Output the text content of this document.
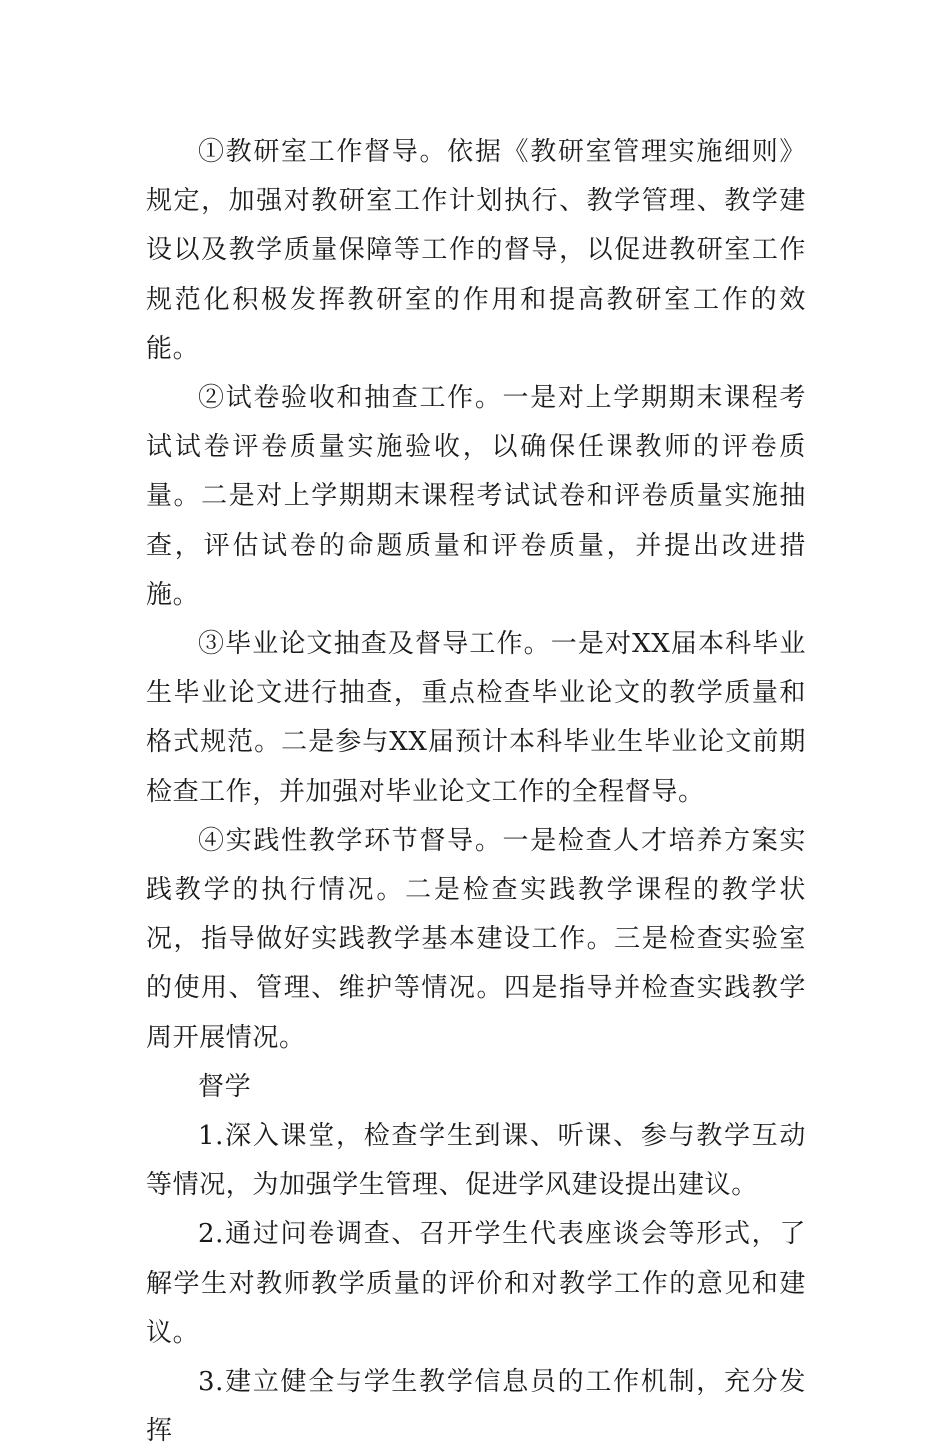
①教研室工作督导。依据《教研室管理实施细则》规定，加强对教研室工作计划执行、教学管理、教学建设以及教学质量保障等工作的督导，以促进教研室工作规范化积极发挥教研室的作用和提高教研室工作的效能。

②试卷验收和抽查工作。一是对上学期期末课程考试试卷评卷质量实施验收，以确保任课教师的评卷质量。二是对上学期期末课程考试试卷和评卷质量实施抽查，评估试卷的命题质量和评卷质量，并提出改进措施。

③毕业论文抽查及督导工作。一是对XX届本科毕业生毕业论文进行抽查，重点检查毕业论文的教学质量和格式规范。二是参与XX届预计本科毕业生毕业论文前期检查工作，并加强对毕业论文工作的全程督导。

④实践性教学环节督导。一是检查人才培养方案实践教学的执行情况。二是检查实践教学课程的教学状况，指导做好实践教学基本建设工作。三是检查实验室的使用、管理、维护等情况。四是指导并检查实践教学周开展情况。

督学

1.深入课堂，检查学生到课、听课、参与教学互动等情况，为加强学生管理、促进学风建设提出建议。

2.通过问卷调查、召开学生代表座谈会等形式，了解学生对教师教学质量的评价和对教学工作的意见和建议。

3.建立健全与学生教学信息员的工作机制，充分发挥
